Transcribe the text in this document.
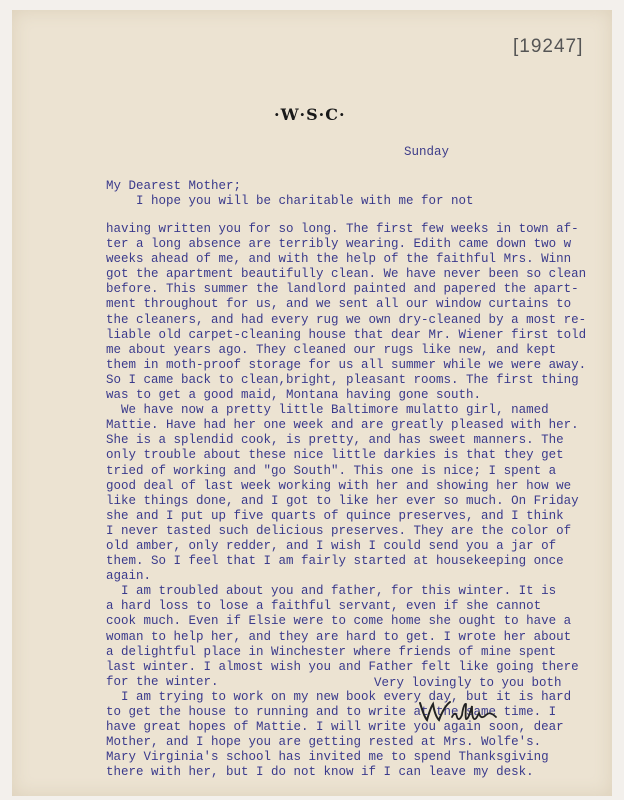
[19247]
·W·S·C·
Sunday
My Dearest Mother;
I hope you will be charitable with me for not
having written you for so long. The first few weeks in town af-
ter a long absence are terribly wearing. Edith came down two w
weeks ahead of me, and with the help of the faithful Mrs. Winn
got the apartment beautifully clean. We have never been so clean
before. This summer the landlord painted and papered the apart-
ment throughout for us, and we sent all our window curtains to
the cleaners, and had every rug we own dry-cleaned by a most re-
liable old carpet-cleaning house that dear Mr. Wiener first told
me about years ago. They cleaned our rugs like new, and kept
them in moth-proof storage for us all summer while we were away.
So I came back to clean,bright, pleasant rooms. The first thing
was to get a good maid, Montana having gone south.
We have now a pretty little Baltimore mulatto girl, named
Mattie. Have had her one week and are greatly pleased with her.
She is a splendid cook, is pretty, and has sweet manners. The
only trouble about these nice little darkies is that they get
tried of working and "go South". This one is nice; I spent a
good deal of last week working with her and showing her how we
like things done, and I got to like her ever so much. On Friday
she and I put up five quarts of quince preserves, and I think
I never tasted such delicious preserves. They are the color of
old amber, only redder, and I wish I could send you a jar of
them. So I feel that I am fairly started at housekeeping once
again.
I am troubled about you and father, for this winter. It is
a hard loss to lose a faithful servant, even if she cannot
cook much. Even if Elsie were to come home she ought to have a
woman to help her, and they are hard to get. I wrote her about
a delightful place in Winchester where friends of mine spent
last winter. I almost wish you and Father felt like going there
for the winter.
I am trying to work on my new book every day, but it is hard
to get the house to running and to write at the same time. I
have great hopes of Mattie. I will write you again soon, dear
Mother, and I hope you are getting rested at Mrs. Wolfe's.
Mary Virginia's school has invited me to spend Thanksgiving
there with her, but I do not know if I can leave my desk.
Very lovingly to you both
